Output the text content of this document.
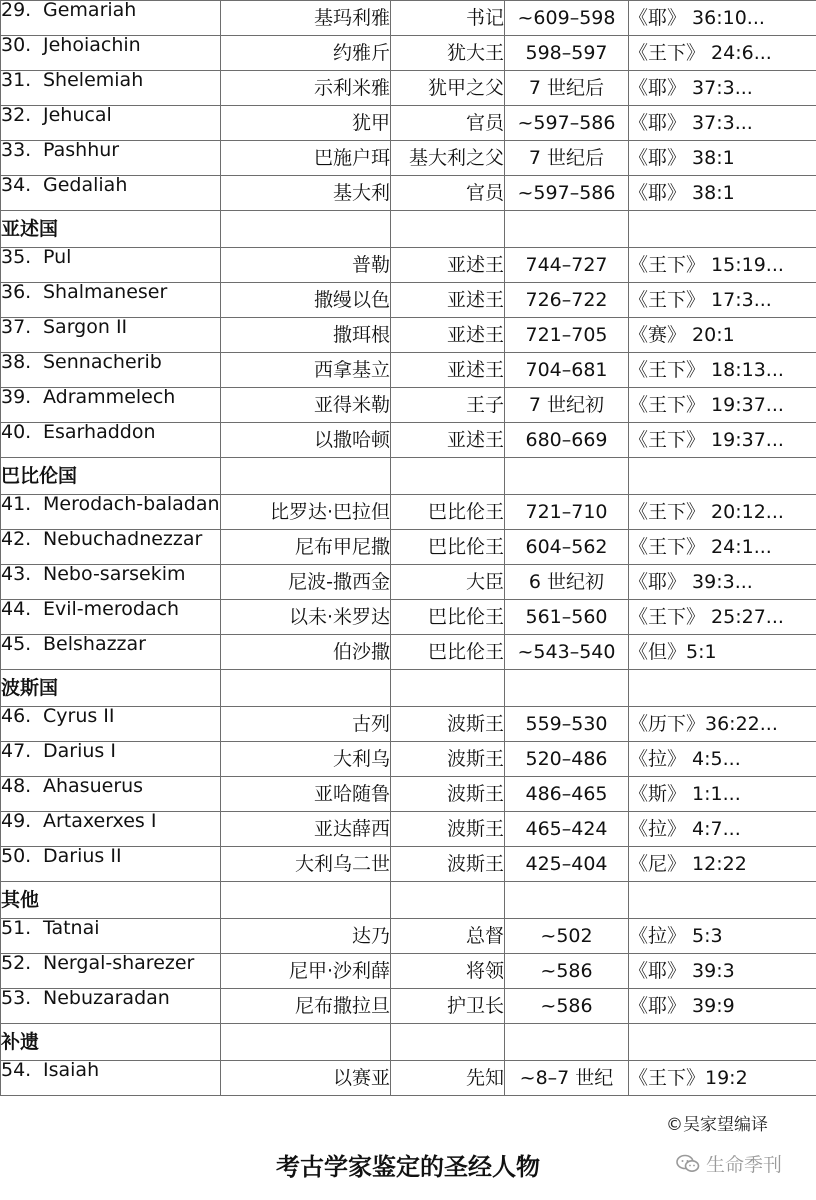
29. Gemariah	基玛利雅	书记	~609–598	《耶》 36:10...
30. Jehoiachin	约雅斤	犹大王	598–597	《王下》 24:6...
31. Shelemiah	示利米雅	犹甲之父	7 世纪后	《耶》 37:3...
32. Jehucal	犹甲	官员	~597–586	《耶》 37:3...
33. Pashhur	巴施户珥	基大利之父	7 世纪后	《耶》 38:1
34. Gedaliah	基大利	官员	~597–586	《耶》 38:1
亚述国				
35. Pul	普勒	亚述王	744–727	《王下》 15:19...
36. Shalmaneser	撒缦以色	亚述王	726–722	《王下》 17:3...
37. Sargon II	撒珥根	亚述王	721–705	《赛》 20:1
38. Sennacherib	西拿基立	亚述王	704–681	《王下》 18:13...
39. Adrammelech	亚得米勒	王子	7 世纪初	《王下》 19:37...
40. Esarhaddon	以撒哈顿	亚述王	680–669	《王下》 19:37...
巴比伦国				
41. Merodach-baladan	比罗达·巴拉但	巴比伦王	721–710	《王下》 20:12...
42. Nebuchadnezzar	尼布甲尼撒	巴比伦王	604–562	《王下》 24:1...
43. Nebo-sarsekim	尼波-撒西金	大臣	6 世纪初	《耶》 39:3...
44. Evil-merodach	以未·米罗达	巴比伦王	561–560	《王下》 25:27...
45. Belshazzar	伯沙撒	巴比伦王	~543–540	《但》5:1
波斯国				
46. Cyrus II	古列	波斯王	559–530	《历下》36:22...
47. Darius I	大利乌	波斯王	520–486	《拉》 4:5...
48. Ahasuerus	亚哈随鲁	波斯王	486–465	《斯》 1:1...
49. Artaxerxes I	亚达薛西	波斯王	465–424	《拉》 4:7...
50. Darius II	大利乌二世	波斯王	425–404	《尼》 12:22
其他				
51. Tatnai	达乃	总督	~502	《拉》 5:3
52. Nergal-sharezer	尼甲·沙利薛	将领	~586	《耶》 39:3
53. Nebuzaradan	尼布撒拉旦	护卫长	~586	《耶》 39:9
补遗				
54. Isaiah	以赛亚	先知	~8–7 世纪	《王下》19:2
©吴家望编译
考古学家鉴定的圣经人物	生命季刊
